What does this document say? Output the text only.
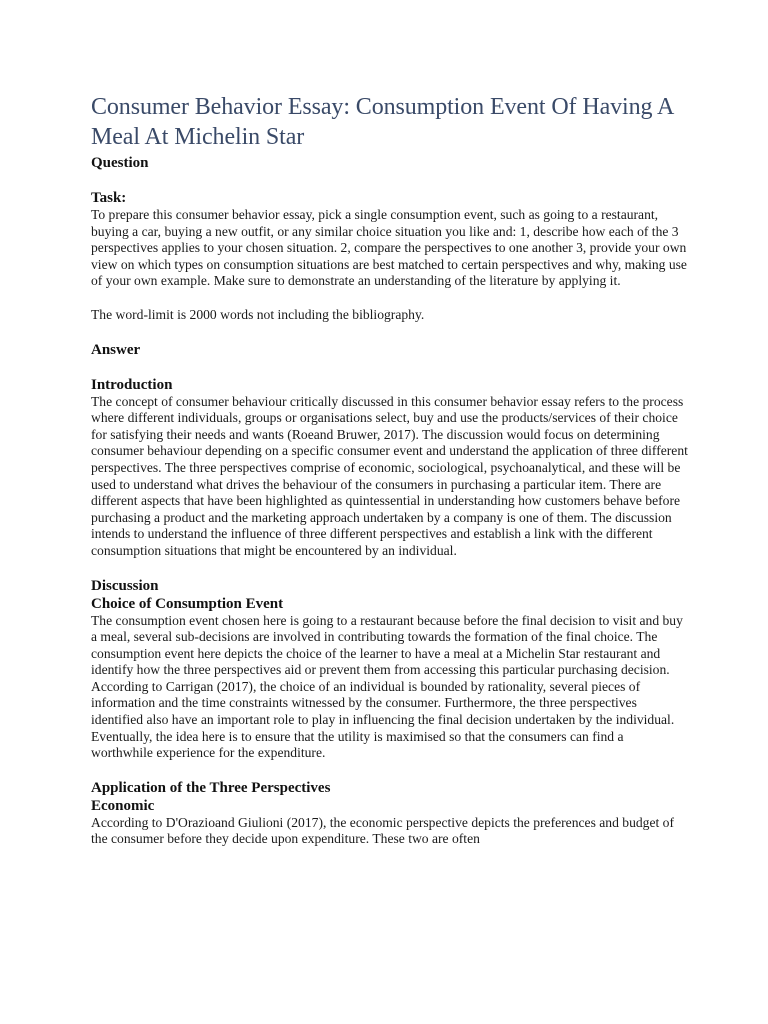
Consumer Behavior Essay: Consumption Event Of Having A Meal At Michelin Star
Question
Task:

To prepare this consumer behavior essay, pick a single consumption event, such as going to a restaurant, buying a car, buying a new outfit, or any similar choice situation you like and: 1, describe how each of the 3 perspectives applies to your chosen situation. 2, compare the perspectives to one another 3, provide your own view on which types on consumption situations are best matched to certain perspectives and why, making use of your own example. Make sure to demonstrate an understanding of the literature by applying it.

The word-limit is 2000 words not including the bibliography.

Answer
Introduction

The concept of consumer behaviour critically discussed in this consumer behavior essay refers to the process where different individuals, groups or organisations select, buy and use the products/services of their choice for satisfying their needs and wants (Roeand Bruwer, 2017). The discussion would focus on determining consumer behaviour depending on a specific consumer event and understand the application of three different perspectives. The three perspectives comprise of economic, sociological, psychoanalytical, and these will be used to understand what drives the behaviour of the consumers in purchasing a particular item. There are different aspects that have been highlighted as quintessential in understanding how customers behave before purchasing a product and the marketing approach undertaken by a company is one of them. The discussion intends to understand the influence of three different perspectives and establish a link with the different consumption situations that might be encountered by an individual.

Discussion
Choice of Consumption Event

The consumption event chosen here is going to a restaurant because before the final decision to visit and buy a meal, several sub-decisions are involved in contributing towards the formation of the final choice. The consumption event here depicts the choice of the learner to have a meal at a Michelin Star restaurant and identify how the three perspectives aid or prevent them from accessing this particular purchasing decision. According to Carrigan (2017), the choice of an individual is bounded by rationality, several pieces of information and the time constraints witnessed by the consumer. Furthermore, the three perspectives identified also have an important role to play in influencing the final decision undertaken by the individual. Eventually, the idea here is to ensure that the utility is maximised so that the consumers can find a worthwhile experience for the expenditure.

Application of the Three Perspectives
Economic

According to D'Orazioand Giulioni (2017), the economic perspective depicts the preferences and budget of the consumer before they decide upon expenditure. These two are often
